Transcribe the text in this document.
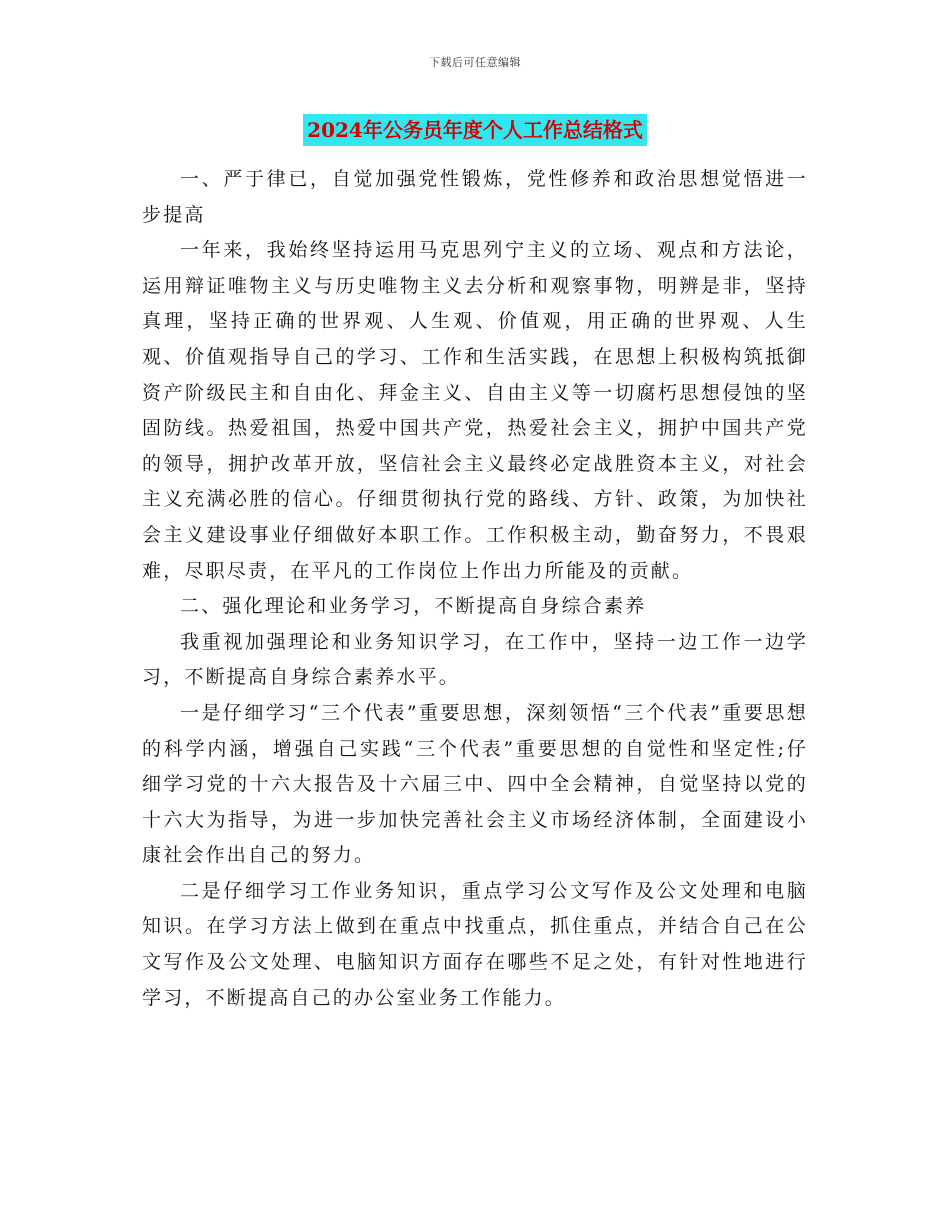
下载后可任意编辑
2024年公务员年度个人工作总结格式

一、严于律已，自觉加强党性锻炼，党性修养和政治思想觉悟进一步提高

一年来，我始终坚持运用马克思列宁主义的立场、观点和方法论，运用辩证唯物主义与历史唯物主义去分析和观察事物，明辨是非，坚持真理，坚持正确的世界观、人生观、价值观，用正确的世界观、人生观、价值观指导自己的学习、工作和生活实践，在思想上积极构筑抵御资产阶级民主和自由化、拜金主义、自由主义等一切腐朽思想侵蚀的坚固防线。热爱祖国，热爱中国共产党，热爱社会主义，拥护中国共产党的领导，拥护改革开放，坚信社会主义最终必定战胜资本主义，对社会主义充满必胜的信心。仔细贯彻执行党的路线、方针、政策，为加快社会主义建设事业仔细做好本职工作。工作积极主动，勤奋努力，不畏艰难，尽职尽责，在平凡的工作岗位上作出力所能及的贡献。

二、强化理论和业务学习，不断提高自身综合素养

我重视加强理论和业务知识学习，在工作中，坚持一边工作一边学习，不断提高自身综合素养水平。

一是仔细学习“三个代表”重要思想，深刻领悟“三个代表”重要思想的科学内涵，增强自己实践“三个代表”重要思想的自觉性和坚定性;仔细学习党的十六大报告及十六届三中、四中全会精神，自觉坚持以党的十六大为指导，为进一步加快完善社会主义市场经济体制，全面建设小康社会作出自己的努力。

二是仔细学习工作业务知识，重点学习公文写作及公文处理和电脑知识。在学习方法上做到在重点中找重点，抓住重点，并结合自己在公文写作及公文处理、电脑知识方面存在哪些不足之处，有针对性地进行学习，不断提高自己的办公室业务工作能力。
